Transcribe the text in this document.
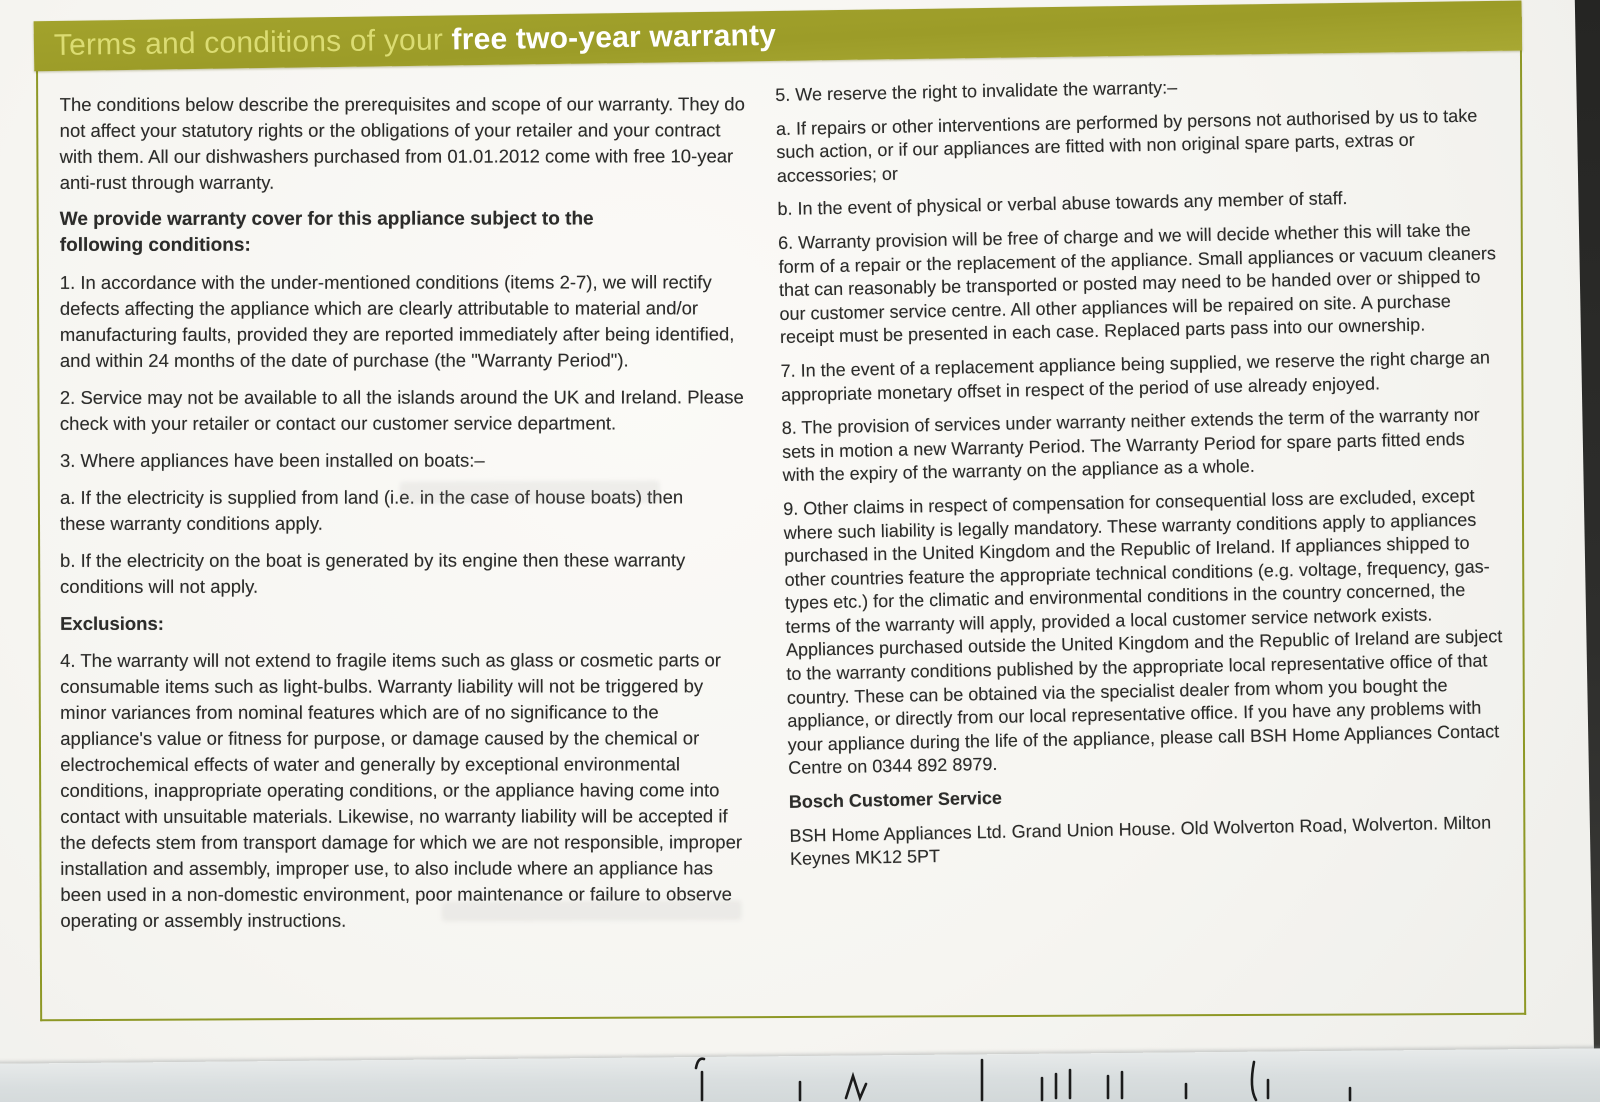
Terms and conditions of your free two-year warranty

The conditions below describe the prerequisites and scope of our warranty. They do not affect your statutory rights or the obligations of your retailer and your contract with them. All our dishwashers purchased from 01.01.2012 come with free 10-year anti-rust through warranty.

We provide warranty cover for this appliance subject to the following conditions:

1. In accordance with the under-mentioned conditions (items 2-7), we will rectify defects affecting the appliance which are clearly attributable to material and/or manufacturing faults, provided they are reported immediately after being identified, and within 24 months of the date of purchase (the "Warranty Period").

2. Service may not be available to all the islands around the UK and Ireland. Please check with your retailer or contact our customer service department.

3. Where appliances have been installed on boats:–

a. If the electricity is supplied from land (i.e. in the case of house boats) then these warranty conditions apply.

b. If the electricity on the boat is generated by its engine then these warranty conditions will not apply.

Exclusions:

4. The warranty will not extend to fragile items such as glass or cosmetic parts or consumable items such as light-bulbs. Warranty liability will not be triggered by minor variances from nominal features which are of no significance to the appliance's value or fitness for purpose, or damage caused by the chemical or electrochemical effects of water and generally by exceptional environmental conditions, inappropriate operating conditions, or the appliance having come into contact with unsuitable materials. Likewise, no warranty liability will be accepted if the defects stem from transport damage for which we are not responsible, improper installation and assembly, improper use, to also include where an appliance has been used in a non-domestic environment, poor maintenance or failure to observe operating or assembly instructions.

5. We reserve the right to invalidate the warranty:–

a. If repairs or other interventions are performed by persons not authorised by us to take such action, or if our appliances are fitted with non original spare parts, extras or accessories; or

b. In the event of physical or verbal abuse towards any member of staff.

6. Warranty provision will be free of charge and we will decide whether this will take the form of a repair or the replacement of the appliance. Small appliances or vacuum cleaners that can reasonably be transported or posted may need to be handed over or shipped to our customer service centre. All other appliances will be repaired on site. A purchase receipt must be presented in each case. Replaced parts pass into our ownership.

7. In the event of a replacement appliance being supplied, we reserve the right charge an appropriate monetary offset in respect of the period of use already enjoyed.

8. The provision of services under warranty neither extends the term of the warranty nor sets in motion a new Warranty Period. The Warranty Period for spare parts fitted ends with the expiry of the warranty on the appliance as a whole.

9. Other claims in respect of compensation for consequential loss are excluded, except where such liability is legally mandatory. These warranty conditions apply to appliances purchased in the United Kingdom and the Republic of Ireland. If appliances shipped to other countries feature the appropriate technical conditions (e.g. voltage, frequency, gas-types etc.) for the climatic and environmental conditions in the country concerned, the terms of the warranty will apply, provided a local customer service network exists. Appliances purchased outside the United Kingdom and the Republic of Ireland are subject to the warranty conditions published by the appropriate local representative office of that country. These can be obtained via the specialist dealer from whom you bought the appliance, or directly from our local representative office. If you have any problems with your appliance during the life of the appliance, please call BSH Home Appliances Contact Centre on 0344 892 8979.

Bosch Customer Service

BSH Home Appliances Ltd. Grand Union House. Old Wolverton Road, Wolverton. Milton Keynes MK12 5PT
